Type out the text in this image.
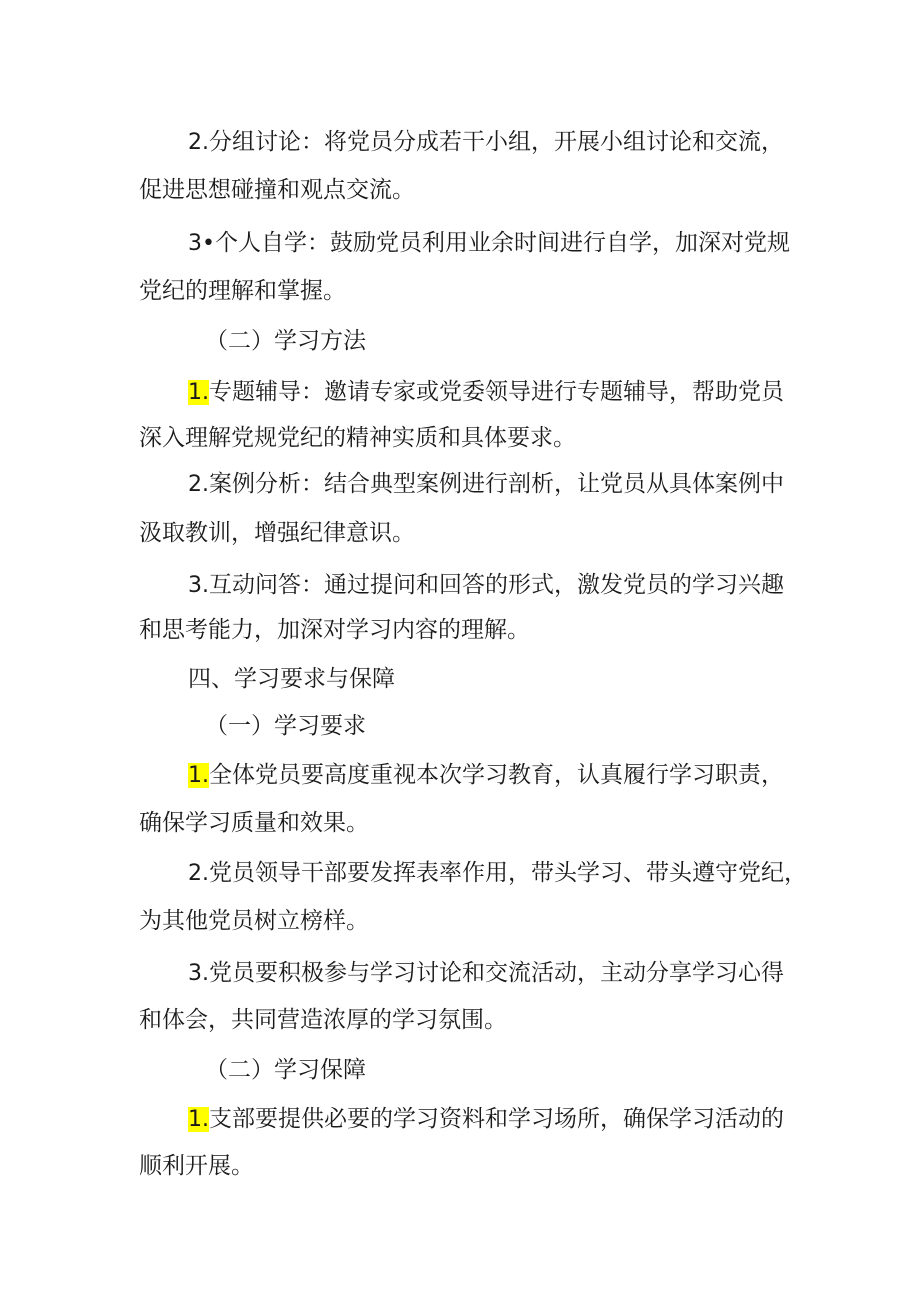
2.分组讨论：将党员分成若干小组，开展小组讨论和交流，
促进思想碰撞和观点交流。
3•个人自学：鼓励党员利用业余时间进行自学，加深对党规
党纪的理解和掌握。
（二）学习方法
1.专题辅导：邀请专家或党委领导进行专题辅导，帮助党员
深入理解党规党纪的精神实质和具体要求。
2.案例分析：结合典型案例进行剖析，让党员从具体案例中
汲取教训，增强纪律意识。
3.互动问答：通过提问和回答的形式，激发党员的学习兴趣
和思考能力，加深对学习内容的理解。
四、学习要求与保障
（一）学习要求
1.全体党员要高度重视本次学习教育，认真履行学习职责，
确保学习质量和效果。
2.党员领导干部要发挥表率作用，带头学习、带头遵守党纪，
为其他党员树立榜样。
3.党员要积极参与学习讨论和交流活动，主动分享学习心得
和体会，共同营造浓厚的学习氛围。
（二）学习保障
1.支部要提供必要的学习资料和学习场所，确保学习活动的
顺利开展。
